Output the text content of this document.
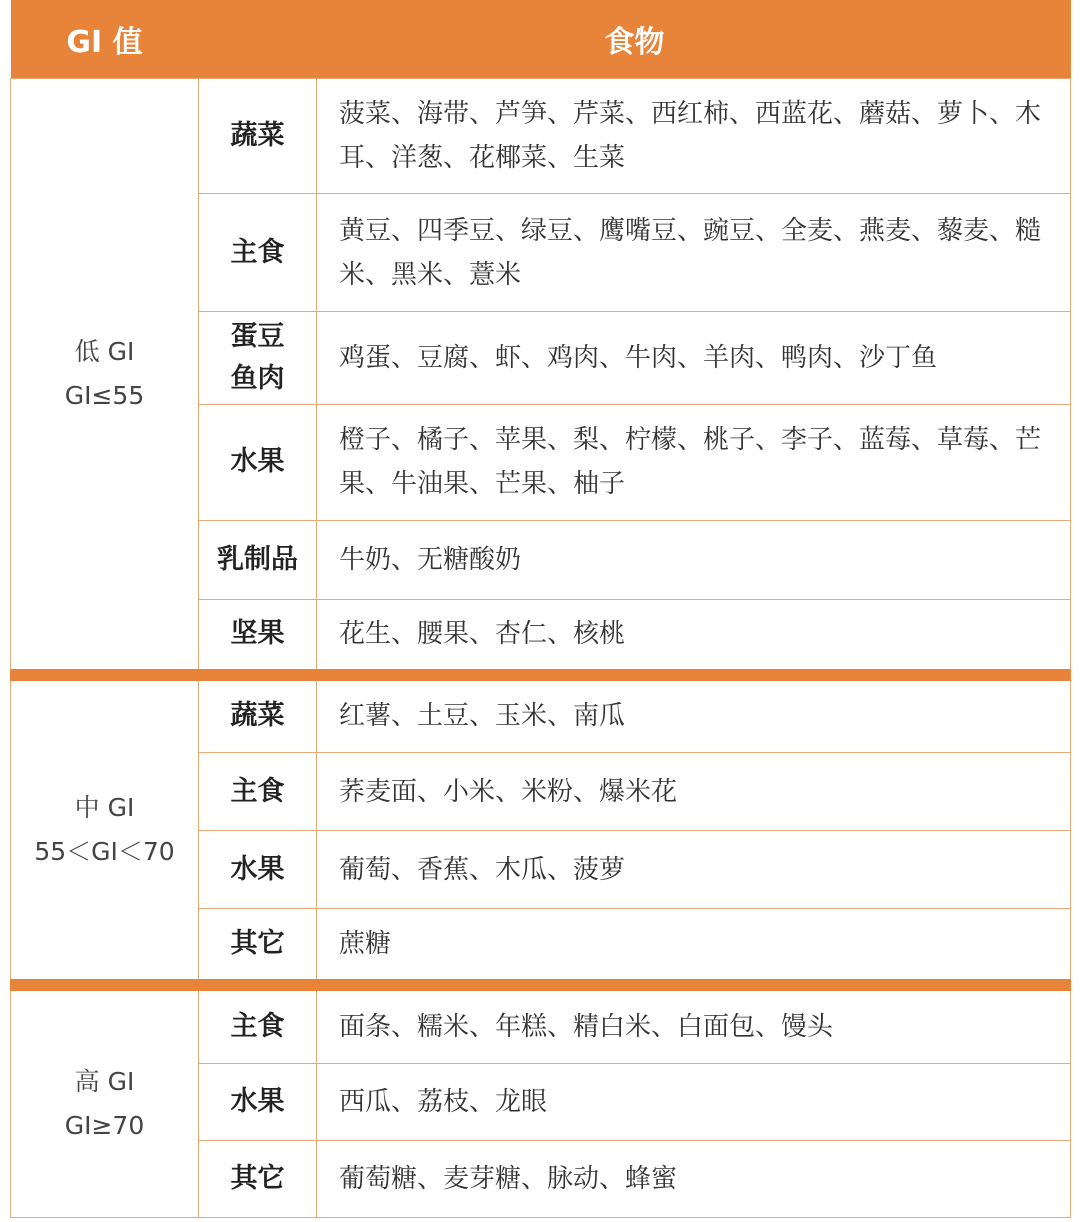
GI 值	食物	

低 GI
GI≤55	蔬菜	菠菜、海带、芦笋、芹菜、西红柿、西蓝花、蘑菇、萝卜、木耳、洋葱、花椰菜、生菜
	主食	黄豆、四季豆、绿豆、鹰嘴豆、豌豆、全麦、燕麦、藜麦、糙米、黑米、薏米
	蛋豆鱼肉	鸡蛋、豆腐、虾、鸡肉、牛肉、羊肉、鸭肉、沙丁鱼
	水果	橙子、橘子、苹果、梨、柠檬、桃子、李子、蓝莓、草莓、芒果、牛油果、芒果、柚子
	乳制品	牛奶、无糖酸奶
	坚果	花生、腰果、杏仁、核桃

中 GI
55＜GI＜70	蔬菜	红薯、土豆、玉米、南瓜
	主食	荞麦面、小米、米粉、爆米花
	水果	葡萄、香蕉、木瓜、菠萝
	其它	蔗糖

高 GI
GI≥70	主食	面条、糯米、年糕、精白米、白面包、馒头
	水果	西瓜、荔枝、龙眼
	其它	葡萄糖、麦芽糖、脉动、蜂蜜
